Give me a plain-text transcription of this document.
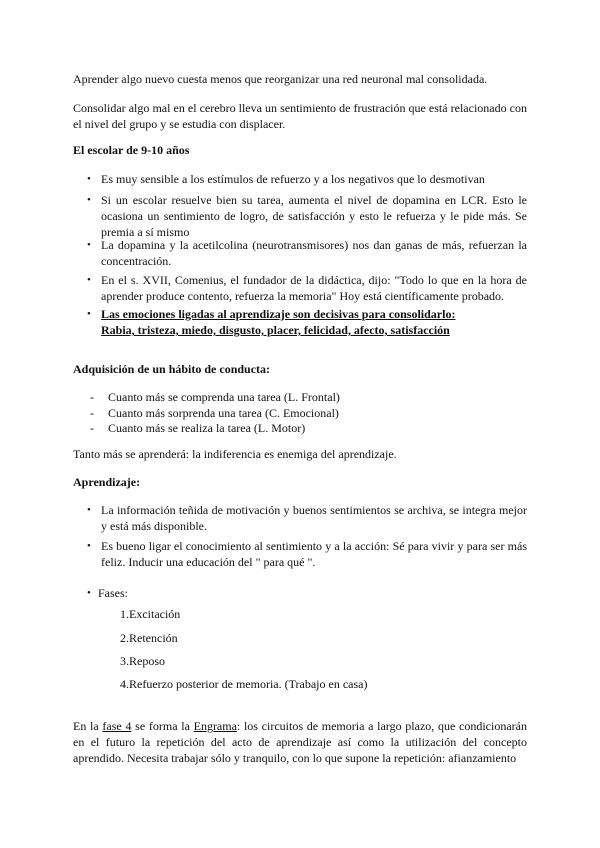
Aprender algo nuevo cuesta menos que reorganizar una red neuronal mal consolidada.

Consolidar algo mal en el cerebro lleva un sentimiento de frustración que está relacionado con el nivel del grupo y se estudia con displacer.

El escolar de 9-10 años

• Es muy sensible a los estímulos de refuerzo y a los negativos que lo desmotivan

• Si un escolar resuelve bien su tarea, aumenta el nivel de dopamina en LCR. Esto le ocasiona un sentimiento de logro, de satisfacción y esto le refuerza y le pide más. Se premia a sí mismo

• La dopamina y la acetilcolina (neurotransmisores) nos dan ganas de más, refuerzan la concentración.

• En el s. XVII, Comenius, el fundador de la didáctica, dijo: "Todo lo que en la hora de aprender produce contento, refuerza la memoria" Hoy está científicamente probado.

• Las emociones ligadas al aprendizaje son decisivas para consolidarlo:
Rabia, tristeza, miedo, disgusto, placer, felicidad, afecto, satisfacción

Adquisición de un hábito de conducta:

- Cuanto más se comprenda una tarea (L. Frontal)
- Cuanto más sorprenda una tarea (C. Emocional)
- Cuanto más se realiza la tarea (L. Motor)

Tanto más se aprenderá: la indiferencia es enemiga del aprendizaje.

Aprendizaje:

• La información teñida de motivación y buenos sentimientos se archiva, se integra mejor y está más disponible.

• Es bueno ligar el conocimiento al sentimiento y a la acción: Sé para vivir y para ser más feliz. Inducir una educación del " para qué ".

• Fases:
1.Excitación
2.Retención
3.Reposo
4.Refuerzo posterior de memoria. (Trabajo en casa)

En la fase 4 se forma la Engrama: los circuitos de memoria a largo plazo, que condicionarán en el futuro la repetición del acto de aprendizaje así como la utilización del concepto aprendido. Necesita trabajar sólo y tranquilo, con lo que supone la repetición: afianzamiento
